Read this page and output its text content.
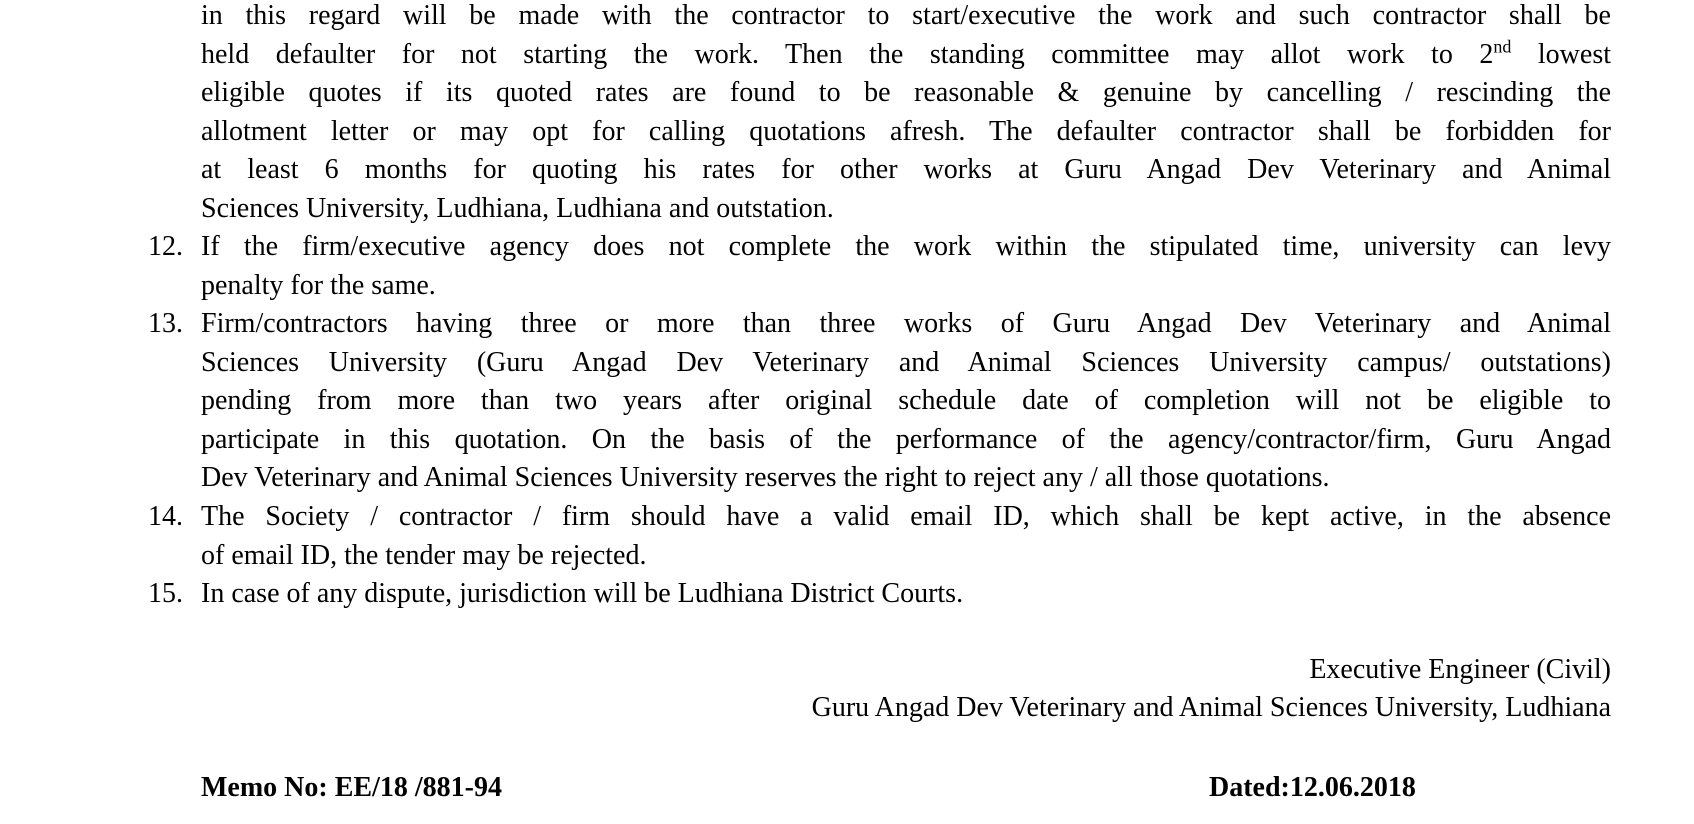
in this regard will be made with the contractor to start/executive the work and such contractor shall be
held defaulter for not starting the work. Then the standing committee may allot work to 2nd lowest
eligible quotes if its quoted rates are found to be reasonable & genuine by cancelling / rescinding the
allotment letter or may opt for calling quotations afresh. The defaulter contractor shall be forbidden for
at least 6 months for quoting his rates for other works at Guru Angad Dev Veterinary and Animal
Sciences University, Ludhiana, Ludhiana and outstation.
12. If the firm/executive agency does not complete the work within the stipulated time, university can levy
penalty for the same.
13. Firm/contractors having three or more than three works of Guru Angad Dev Veterinary and Animal
Sciences University (Guru Angad Dev Veterinary and Animal Sciences University campus/ outstations)
pending from more than two years after original schedule date of completion will not be eligible to
participate in this quotation. On the basis of the performance of the agency/contractor/firm, Guru Angad
Dev Veterinary and Animal Sciences University reserves the right to reject any / all those quotations.
14. The Society / contractor / firm should have a valid email ID, which shall be kept active, in the absence
of email ID, the tender may be rejected.
15. In case of any dispute, jurisdiction will be Ludhiana District Courts.
Executive Engineer (Civil)
Guru Angad Dev Veterinary and Animal Sciences University, Ludhiana
Memo No: EE/18 /881-94	Dated:12.06.2018
